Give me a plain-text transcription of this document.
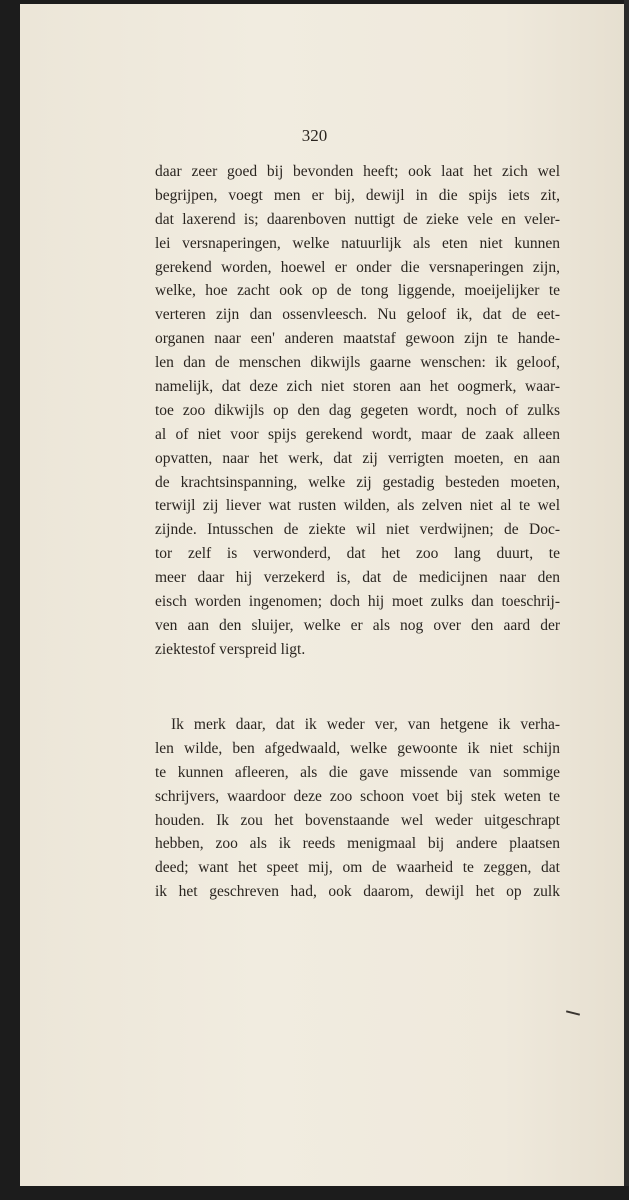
320
daar zeer goed bij bevonden heeft; ook laat het zich wel
begrijpen, voegt men er bij, dewijl in die spijs iets zit,
dat laxerend is; daarenboven nuttigt de zieke vele en veler-
lei versnaperingen, welke natuurlijk als eten niet kunnen
gerekend worden, hoewel er onder die versnaperingen zijn,
welke, hoe zacht ook op de tong liggende, moeijelijker te
verteren zijn dan ossenvleesch. Nu geloof ik, dat de eet-
organen naar een' anderen maatstaf gewoon zijn te hande-
len dan de menschen dikwijls gaarne wenschen: ik geloof,
namelijk, dat deze zich niet storen aan het oogmerk, waar-
toe zoo dikwijls op den dag gegeten wordt, noch of zulks
al of niet voor spijs gerekend wordt, maar de zaak alleen
opvatten, naar het werk, dat zij verrigten moeten, en aan
de krachtsinspanning, welke zij gestadig besteden moeten,
terwijl zij liever wat rusten wilden, als zelven niet al te wel
zijnde. Intusschen de ziekte wil niet verdwijnen; de Doc-
tor zelf is verwonderd, dat het zoo lang duurt, te
meer daar hij verzekerd is, dat de medicijnen naar den
eisch worden ingenomen; doch hij moet zulks dan toeschrij-
ven aan den sluijer, welke er als nog over den aard der
ziektestof verspreid ligt.
Ik merk daar, dat ik weder ver, van hetgene ik verha-
len wilde, ben afgedwaald, welke gewoonte ik niet schijn
te kunnen afleeren, als die gave missende van sommige
schrijvers, waardoor deze zoo schoon voet bij stek weten te
houden. Ik zou het bovenstaande wel weder uitgeschrapt
hebben, zoo als ik reeds menigmaal bij andere plaatsen
deed; want het speet mij, om de waarheid te zeggen, dat
ik het geschreven had, ook daarom, dewijl het op zulk
